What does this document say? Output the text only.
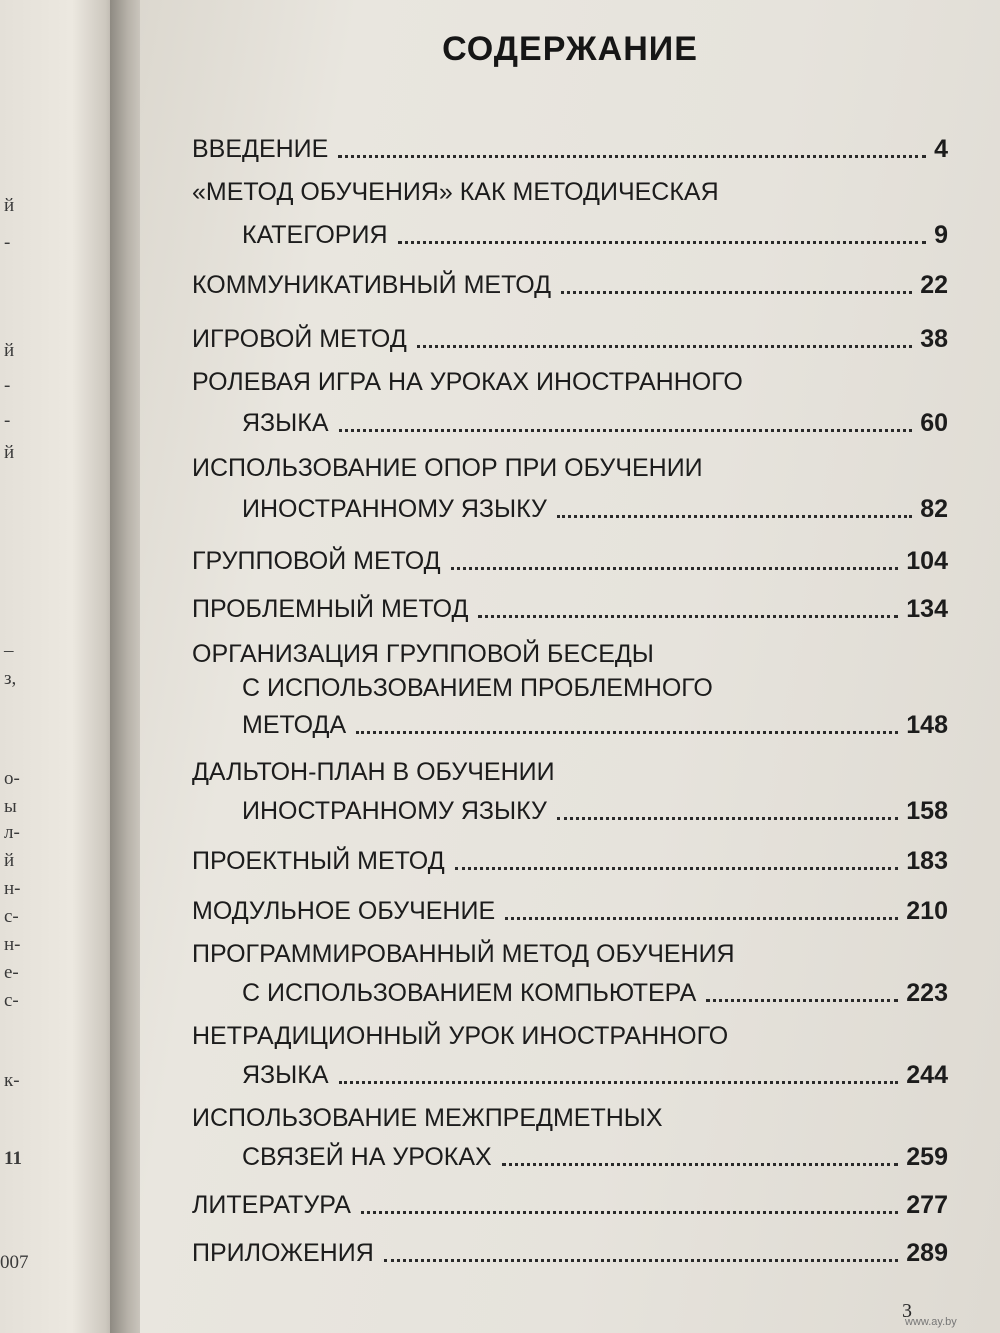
й
-
й
-
-
й
–
з,
о-
ы
л-
й
н-
с-
н-
е-
с-
к-
11
007
СОДЕРЖАНИЕ
ВВЕДЕНИЕ	4
«МЕТОД ОБУЧЕНИЯ» КАК МЕТОДИЧЕСКАЯ
КАТЕГОРИЯ	9
КОММУНИКАТИВНЫЙ МЕТОД	22
ИГРОВОЙ МЕТОД	38
РОЛЕВАЯ ИГРА НА УРОКАХ ИНОСТРАННОГО
ЯЗЫКА	60
ИСПОЛЬЗОВАНИЕ ОПОР ПРИ ОБУЧЕНИИ
ИНОСТРАННОМУ ЯЗЫКУ	82
ГРУППОВОЙ МЕТОД	104
ПРОБЛЕМНЫЙ МЕТОД	134
ОРГАНИЗАЦИЯ ГРУППОВОЙ БЕСЕДЫ
С ИСПОЛЬЗОВАНИЕМ ПРОБЛЕМНОГО
МЕТОДА	148
ДАЛЬТОН-ПЛАН В ОБУЧЕНИИ
ИНОСТРАННОМУ ЯЗЫКУ	158
ПРОЕКТНЫЙ МЕТОД	183
МОДУЛЬНОЕ ОБУЧЕНИЕ	210
ПРОГРАММИРОВАННЫЙ МЕТОД ОБУЧЕНИЯ
С ИСПОЛЬЗОВАНИЕМ КОМПЬЮТЕРА	223
НЕТРАДИЦИОННЫЙ УРОК ИНОСТРАННОГО
ЯЗЫКА	244
ИСПОЛЬЗОВАНИЕ МЕЖПРЕДМЕТНЫХ
СВЯЗЕЙ НА УРОКАХ	259
ЛИТЕРАТУРА	277
ПРИЛОЖЕНИЯ	289
3
www.ay.by
